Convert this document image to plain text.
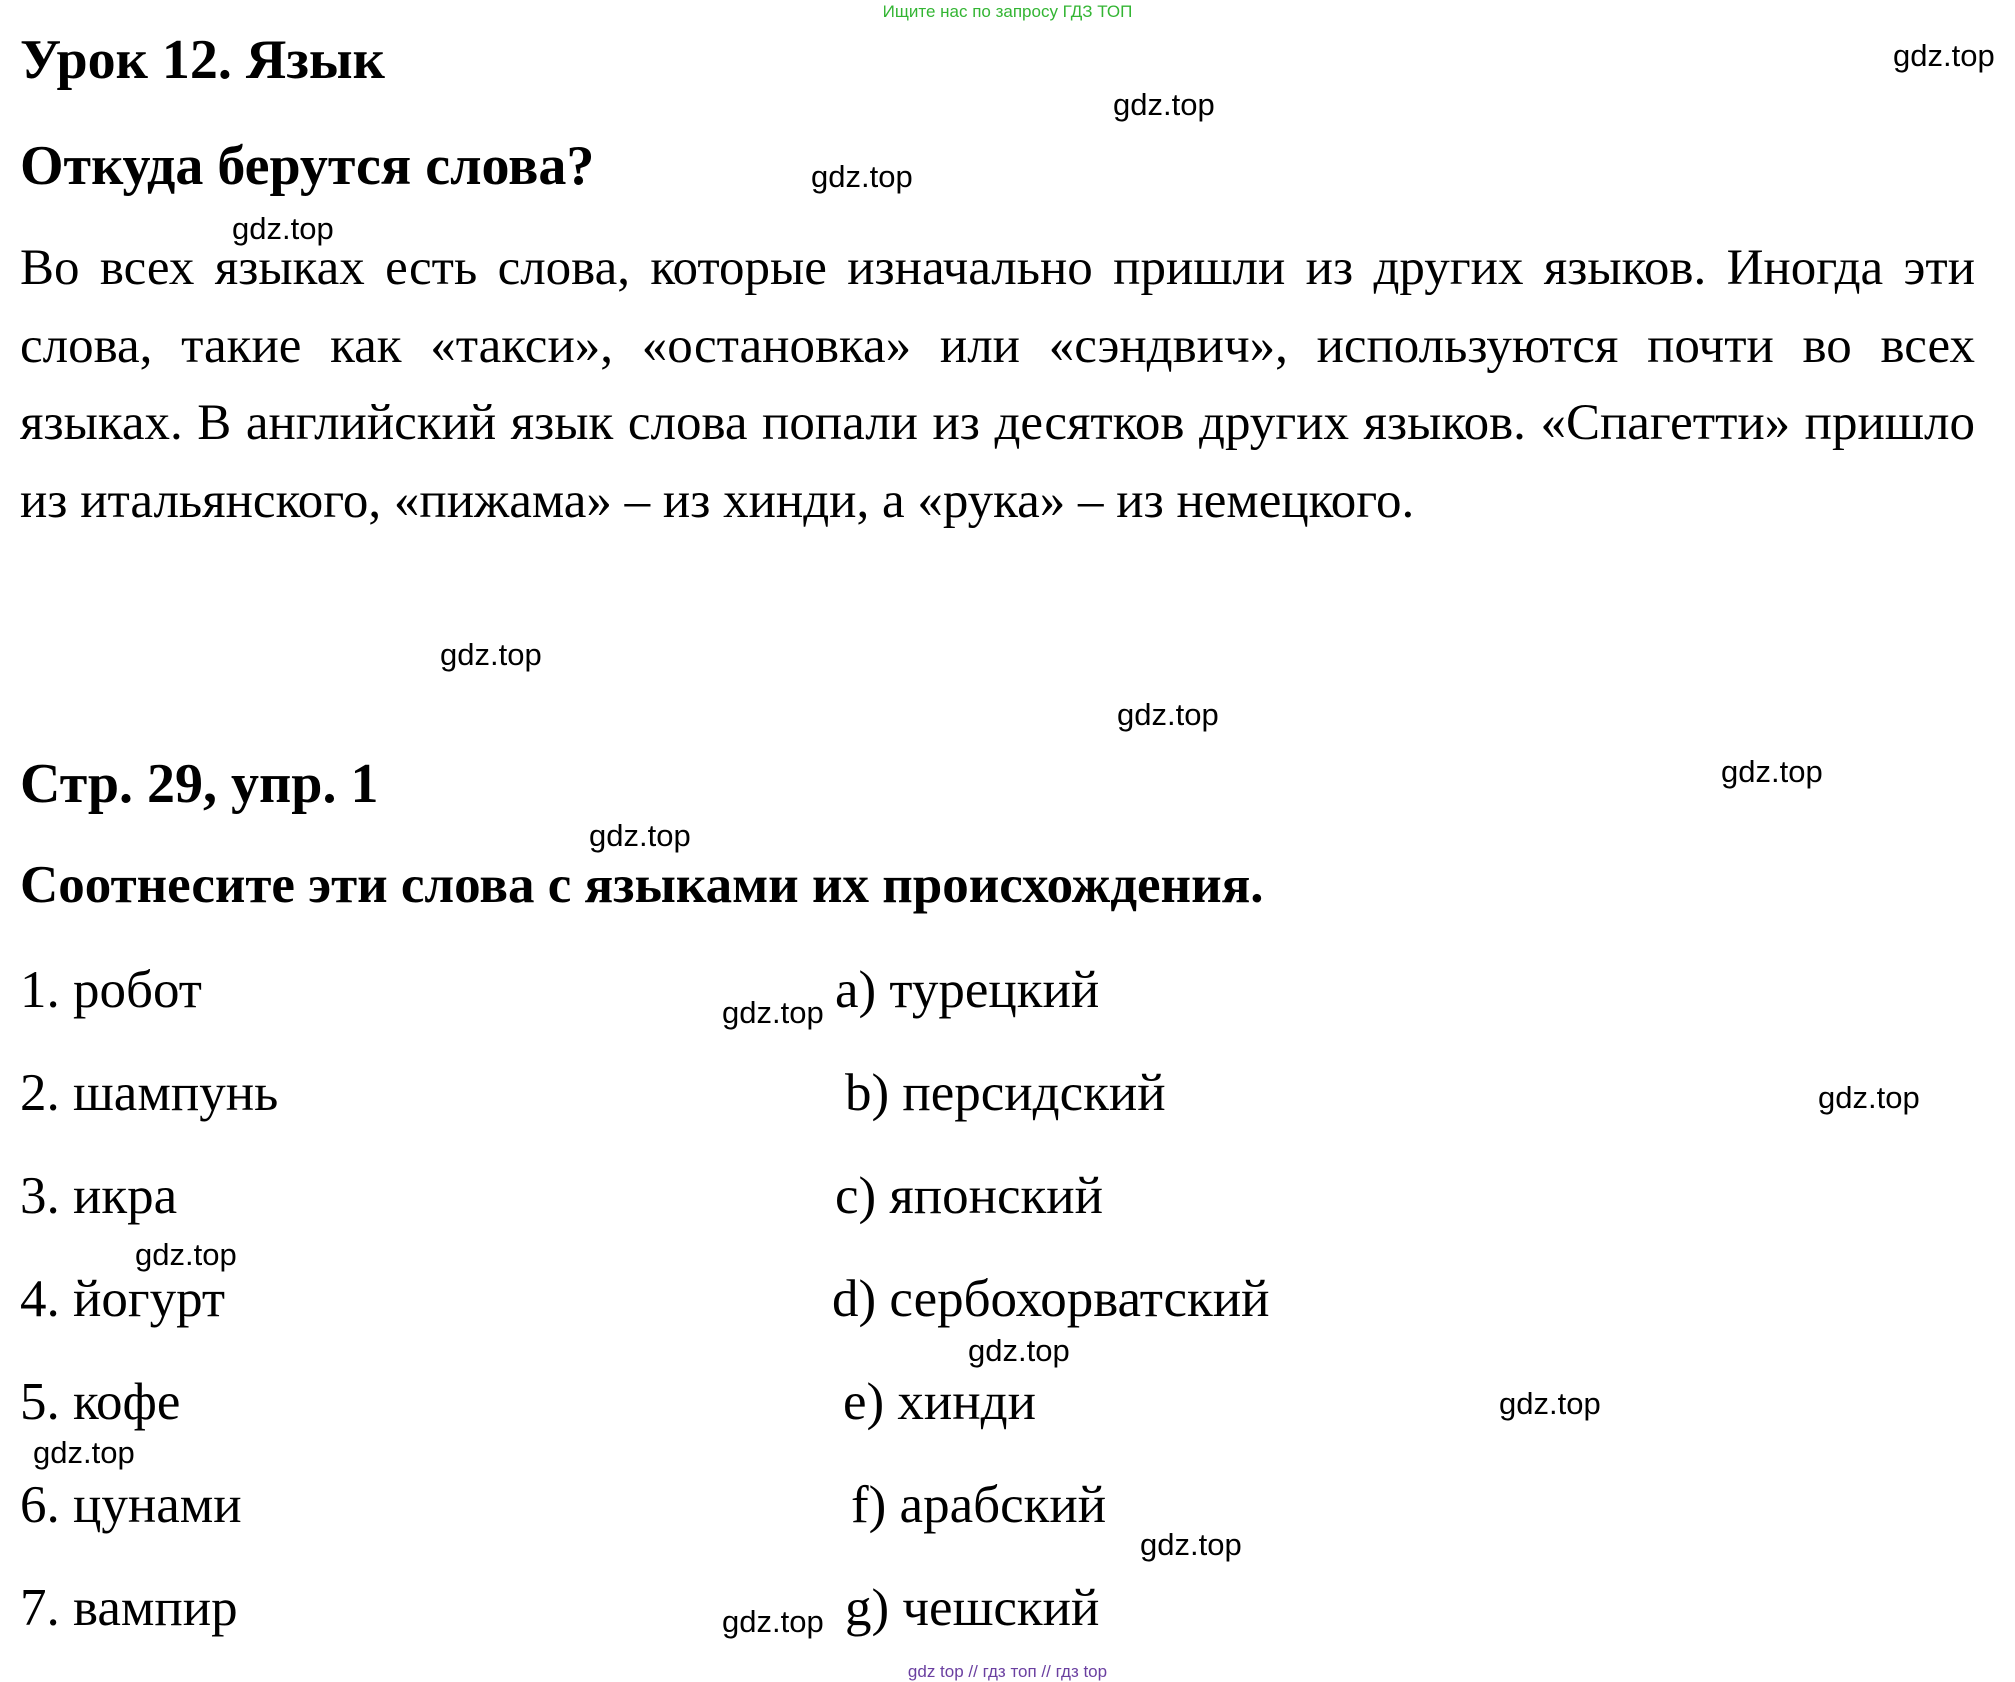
Ищите нас по запросу ГДЗ ТОП
Урок 12. Язык
Откуда берутся слова?

Во всех языках есть слова, которые изначально пришли из других языков. Иногда эти слова, такие как «такси», «остановка» или «сэндвич», используются почти во всех языках. В английский язык слова попали из десятков других языков. «Спагетти» пришло из итальянского, «пижама» – из хинди, а «рука» – из немецкого.

Стр. 29, упр. 1
Соотнесите эти слова с языками их происхождения.
1. робот
2. шампунь
3. икра
4. йогурт
5. кофе
6. цунами
7. вампир
a) турецкий
b) персидский
c) японский
d) сербохорватский
e) хинди
f) арабский
g) чешский
gdz.top
gdz.top
gdz.top
gdz.top
gdz.top
gdz.top
gdz.top
gdz.top
gdz.top
gdz.top
gdz.top
gdz.top
gdz.top
gdz.top
gdz.top
gdz.top
gdz top // гдз топ // гдз top
